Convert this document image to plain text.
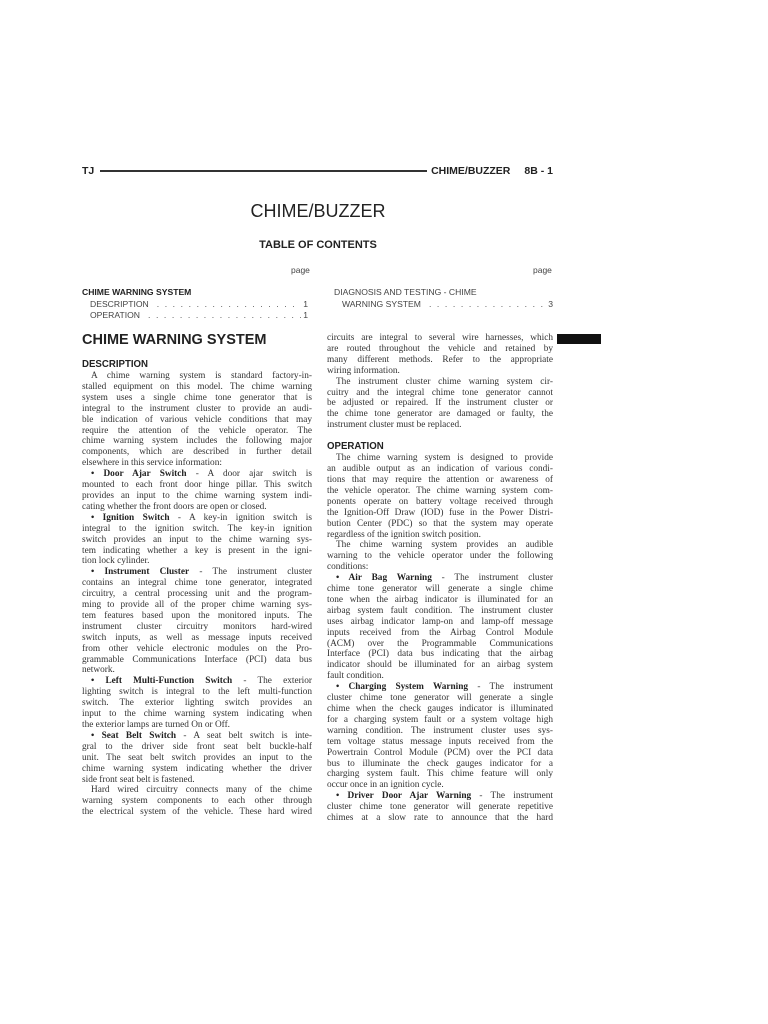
TJ	CHIME/BUZZER 8B - 1
CHIME/BUZZER
TABLE OF CONTENTS
page	page
CHIME WARNING SYSTEM
DESCRIPTION . . .	1
OPERATION . . .	1
DIAGNOSIS AND TESTING - CHIME
WARNING SYSTEM . . .	3
CHIME WARNING SYSTEM
DESCRIPTION
A chime warning system is standard factory-in-
stalled equipment on this model. The chime warning
system uses a single chime tone generator that is
integral to the instrument cluster to provide an audi-
ble indication of various vehicle conditions that may
require the attention of the vehicle operator. The
chime warning system includes the following major
components, which are described in further detail
elsewhere in this service information:
• Door Ajar Switch - A door ajar switch is
mounted to each front door hinge pillar. This switch
provides an input to the chime warning system indi-
cating whether the front doors are open or closed.
• Ignition Switch - A key-in ignition switch is
integral to the ignition switch. The key-in ignition
switch provides an input to the chime warning sys-
tem indicating whether a key is present in the igni-
tion lock cylinder.
• Instrument Cluster - The instrument cluster
contains an integral chime tone generator, integrated
circuitry, a central processing unit and the program-
ming to provide all of the proper chime warning sys-
tem features based upon the monitored inputs. The
instrument cluster circuitry monitors hard-wired
switch inputs, as well as message inputs received
from other vehicle electronic modules on the Pro-
grammable Communications Interface (PCI) data bus
network.
• Left Multi-Function Switch - The exterior
lighting switch is integral to the left multi-function
switch. The exterior lighting switch provides an
input to the chime warning system indicating when
the exterior lamps are turned On or Off.
• Seat Belt Switch - A seat belt switch is inte-
gral to the driver side front seat belt buckle-half
unit. The seat belt switch provides an input to the
chime warning system indicating whether the driver
side front seat belt is fastened.
Hard wired circuitry connects many of the chime
warning system components to each other through
the electrical system of the vehicle. These hard wired
circuits are integral to several wire harnesses, which
are routed throughout the vehicle and retained by
many different methods. Refer to the appropriate
wiring information.
The instrument cluster chime warning system cir-
cuitry and the integral chime tone generator cannot
be adjusted or repaired. If the instrument cluster or
the chime tone generator are damaged or faulty, the
instrument cluster must be replaced.
OPERATION
The chime warning system is designed to provide
an audible output as an indication of various condi-
tions that may require the attention or awareness of
the vehicle operator. The chime warning system com-
ponents operate on battery voltage received through
the Ignition-Off Draw (IOD) fuse in the Power Distri-
bution Center (PDC) so that the system may operate
regardless of the ignition switch position.
The chime warning system provides an audible
warning to the vehicle operator under the following
conditions:
• Air Bag Warning - The instrument cluster
chime tone generator will generate a single chime
tone when the airbag indicator is illuminated for an
airbag system fault condition. The instrument cluster
uses airbag indicator lamp-on and lamp-off message
inputs received from the Airbag Control Module
(ACM) over the Programmable Communications
Interface (PCI) data bus indicating that the airbag
indicator should be illuminated for an airbag system
fault condition.
• Charging System Warning - The instrument
cluster chime tone generator will generate a single
chime when the check gauges indicator is illuminated
for a charging system fault or a system voltage high
warning condition. The instrument cluster uses sys-
tem voltage status message inputs received from the
Powertrain Control Module (PCM) over the PCI data
bus to illuminate the check gauges indicator for a
charging system fault. This chime feature will only
occur once in an ignition cycle.
• Driver Door Ajar Warning - The instrument
cluster chime tone generator will generate repetitive
chimes at a slow rate to announce that the hard
